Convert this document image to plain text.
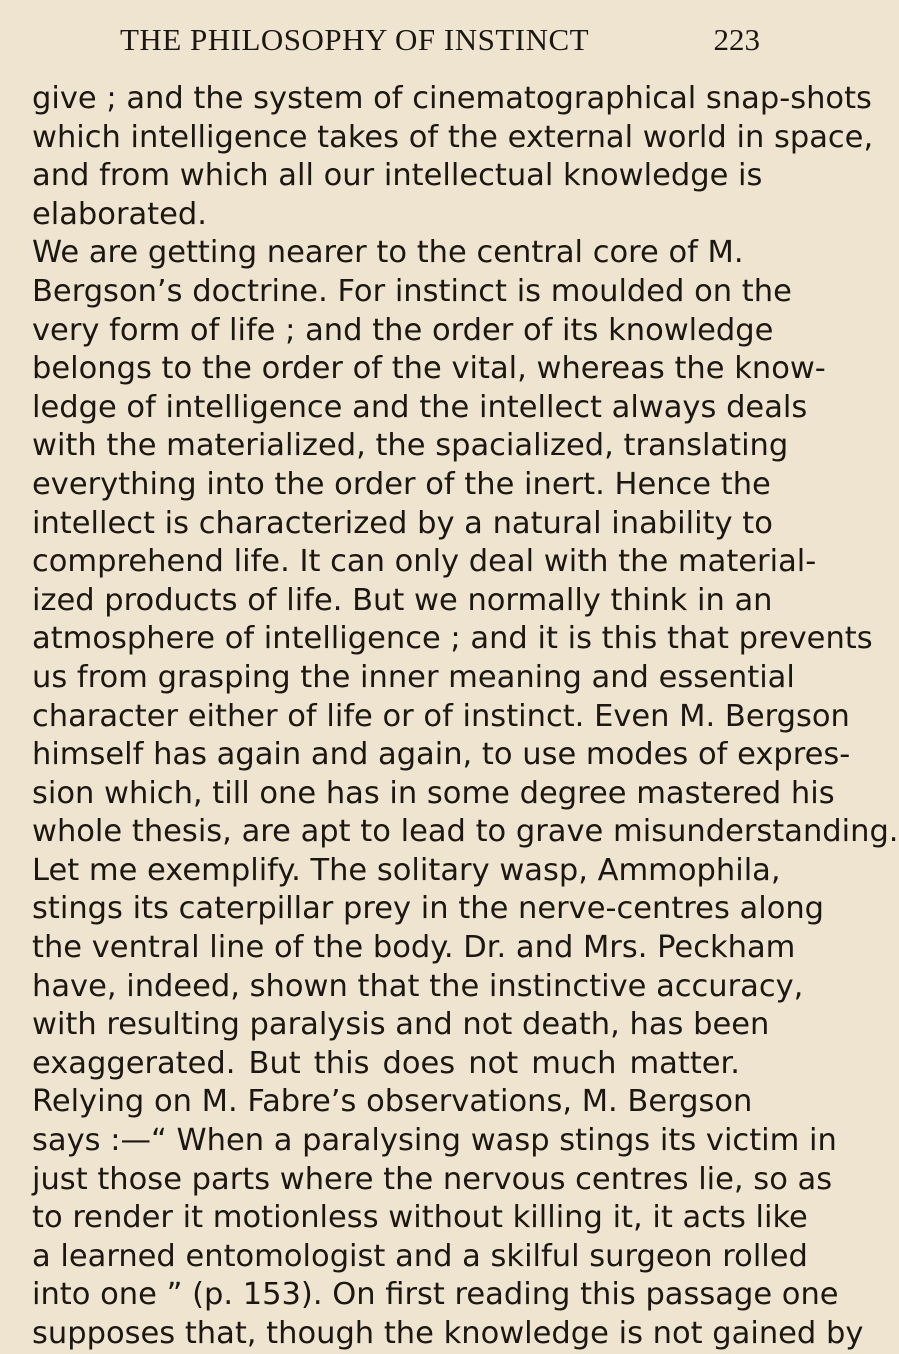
THE PHILOSOPHY OF INSTINCT	223
give ; and the system of cinematographical snap-shots
which intelligence takes of the external world in space,
and from which all our intellectual knowledge is
elaborated.
We are getting nearer to the central core of M.
Bergson’s doctrine. For instinct is moulded on the
very form of life ; and the order of its knowledge
belongs to the order of the vital, whereas the know-
ledge of intelligence and the intellect always deals
with the materialized, the spacialized, translating
everything into the order of the inert. Hence the
intellect is characterized by a natural inability to
comprehend life. It can only deal with the material-
ized products of life. But we normally think in an
atmosphere of intelligence ; and it is this that prevents
us from grasping the inner meaning and essential
character either of life or of instinct. Even M. Bergson
himself has again and again, to use modes of expres-
sion which, till one has in some degree mastered his
whole thesis, are apt to lead to grave misunderstanding.
Let me exemplify. The solitary wasp, Ammophila,
stings its caterpillar prey in the nerve-centres along
the ventral line of the body. Dr. and Mrs. Peckham
have, indeed, shown that the instinctive accuracy,
with resulting paralysis and not death, has been
exaggerated. But this does not much matter.
Relying on M. Fabre’s observations, M. Bergson
says :—“ When a paralysing wasp stings its victim in
just those parts where the nervous centres lie, so as
to render it motionless without killing it, it acts like
a learned entomologist and a skilful surgeon rolled
into one ” (p. 153). On first reading this passage one
supposes that, though the knowledge is not gained by
